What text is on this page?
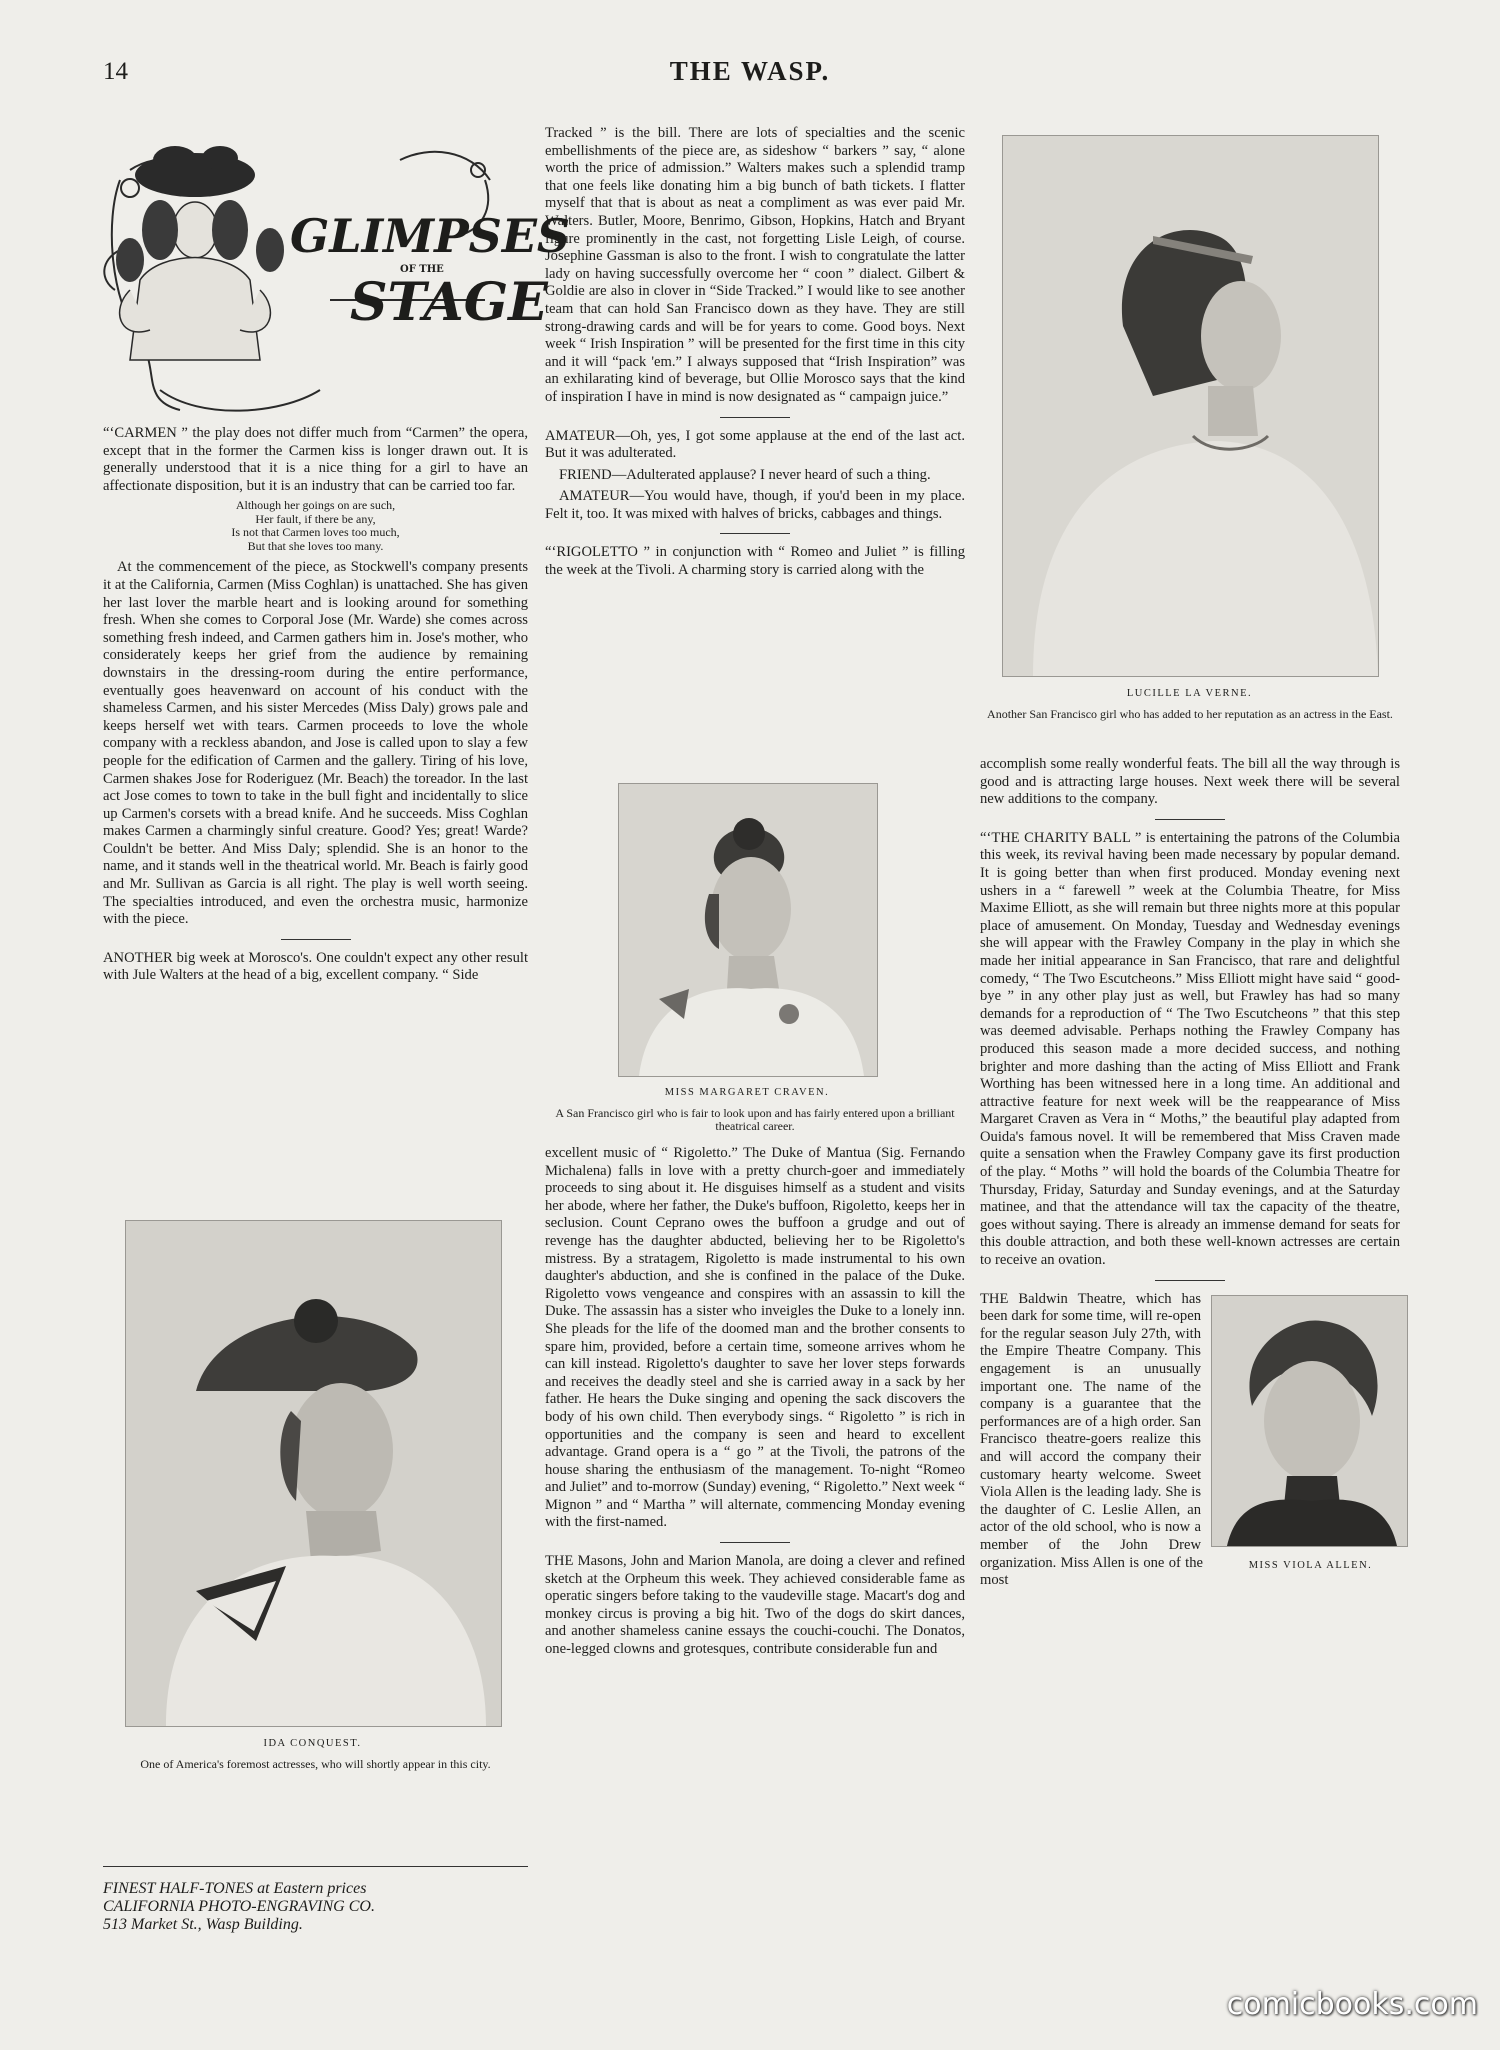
14	THE WASP.
GLIMPSES
OF THE
STAGE

“‘CARMEN ” the play does not differ much from “Carmen” the opera, except that in the former the Carmen kiss is longer drawn out. It is generally understood that it is a nice thing for a girl to have an affectionate disposition, but it is an industry that can be carried too far.

Although her goings on are such,
Her fault, if there be any,
Is not that Carmen loves too much,
But that she loves too many.

At the commencement of the piece, as Stockwell's company presents it at the California, Carmen (Miss Coghlan) is unattached. She has given her last lover the marble heart and is looking around for something fresh. When she comes to Corporal Jose (Mr. Warde) she comes across something fresh indeed, and Carmen gathers him in. Jose's mother, who considerately keeps her grief from the audience by remaining downstairs in the dressing-room during the entire performance, eventually goes heavenward on account of his conduct with the shameless Carmen, and his sister Mercedes (Miss Daly) grows pale and keeps herself wet with tears. Carmen proceeds to love the whole company with a reckless abandon, and Jose is called upon to slay a few people for the edification of Carmen and the gallery. Tiring of his love, Carmen shakes Jose for Roderiguez (Mr. Beach) the toreador. In the last act Jose comes to town to take in the bull fight and incidentally to slice up Carmen's corsets with a bread knife. And he succeeds. Miss Coghlan makes Carmen a charmingly sinful creature. Good? Yes; great! Warde? Couldn't be better. And Miss Daly; splendid. She is an honor to the name, and it stands well in the theatrical world. Mr. Beach is fairly good and Mr. Sullivan as Garcia is all right. The play is well worth seeing. The specialties introduced, and even the orchestra music, harmonize with the piece.

ANOTHER big week at Morosco's. One couldn't expect any other result with Jule Walters at the head of a big, excellent company. “ Side

IDA CONQUEST.
One of America's foremost actresses, who will shortly appear in this city.
FINEST HALF-TONES at Eastern prices
CALIFORNIA PHOTO-ENGRAVING CO.
513 Market St., Wasp Building.

Tracked ” is the bill. There are lots of specialties and the scenic embellishments of the piece are, as sideshow “ barkers ” say, “ alone worth the price of admission.” Walters makes such a splendid tramp that one feels like donating him a big bunch of bath tickets. I flatter myself that that is about as neat a compliment as was ever paid Mr. Walters. Butler, Moore, Benrimo, Gibson, Hopkins, Hatch and Bryant figure prominently in the cast, not forgetting Lisle Leigh, of course. Josephine Gassman is also to the front. I wish to congratulate the latter lady on having successfully overcome her “ coon ” dialect. Gilbert & Goldie are also in clover in “Side Tracked.” I would like to see another team that can hold San Francisco down as they have. They are still strong-drawing cards and will be for years to come. Good boys. Next week “ Irish Inspiration ” will be presented for the first time in this city and it will “pack 'em.” I always supposed that “Irish Inspiration” was an exhilarating kind of beverage, but Ollie Morosco says that the kind of inspiration I have in mind is now designated as “ campaign juice.”

AMATEUR—Oh, yes, I got some applause at the end of the last act. But it was adulterated.

FRIEND—Adulterated applause? I never heard of such a thing.

AMATEUR—You would have, though, if you'd been in my place. Felt it, too. It was mixed with halves of bricks, cabbages and things.

“‘RIGOLETTO ” in conjunction with “ Romeo and Juliet ” is filling the week at the Tivoli. A charming story is carried along with the

MISS MARGARET CRAVEN.
A San Francisco girl who is fair to look upon and has fairly entered upon a brilliant theatrical career.

excellent music of “ Rigoletto.” The Duke of Mantua (Sig. Fernando Michalena) falls in love with a pretty church-goer and immediately proceeds to sing about it. He disguises himself as a student and visits her abode, where her father, the Duke's buffoon, Rigoletto, keeps her in seclusion. Count Ceprano owes the buffoon a grudge and out of revenge has the daughter abducted, believing her to be Rigoletto's mistress. By a stratagem, Rigoletto is made instrumental to his own daughter's abduction, and she is confined in the palace of the Duke. Rigoletto vows vengeance and conspires with an assassin to kill the Duke. The assassin has a sister who inveigles the Duke to a lonely inn. She pleads for the life of the doomed man and the brother consents to spare him, provided, before a certain time, someone arrives whom he can kill instead. Rigoletto's daughter to save her lover steps forwards and receives the deadly steel and she is carried away in a sack by her father. He hears the Duke singing and opening the sack discovers the body of his own child. Then everybody sings. “ Rigoletto ” is rich in opportunities and the company is seen and heard to excellent advantage. Grand opera is a “ go ” at the Tivoli, the patrons of the house sharing the enthusiasm of the management. To-night “Romeo and Juliet” and to-morrow (Sunday) evening, “ Rigoletto.” Next week “ Mignon ” and “ Martha ” will alternate, commencing Monday evening with the first-named.

THE Masons, John and Marion Manola, are doing a clever and refined sketch at the Orpheum this week. They achieved considerable fame as operatic singers before taking to the vaudeville stage. Macart's dog and monkey circus is proving a big hit. Two of the dogs do skirt dances, and another shameless canine essays the couchi-couchi. The Donatos, one-legged clowns and grotesques, contribute considerable fun and

LUCILLE LA VERNE.
Another San Francisco girl who has added to her reputation as an actress in the East.

accomplish some really wonderful feats. The bill all the way through is good and is attracting large houses. Next week there will be several new additions to the company.

“‘THE CHARITY BALL ” is entertaining the patrons of the Columbia this week, its revival having been made necessary by popular demand. It is going better than when first produced. Monday evening next ushers in a “ farewell ” week at the Columbia Theatre, for Miss Maxime Elliott, as she will remain but three nights more at this popular place of amusement. On Monday, Tuesday and Wednesday evenings she will appear with the Frawley Company in the play in which she made her initial appearance in San Francisco, that rare and delightful comedy, “ The Two Escutcheons.” Miss Elliott might have said “ good-bye ” in any other play just as well, but Frawley has had so many demands for a reproduction of “ The Two Escutcheons ” that this step was deemed advisable. Perhaps nothing the Frawley Company has produced this season made a more decided success, and nothing brighter and more dashing than the acting of Miss Elliott and Frank Worthing has been witnessed here in a long time. An additional and attractive feature for next week will be the reappearance of Miss Margaret Craven as Vera in “ Moths,” the beautiful play adapted from Ouida's famous novel. It will be remembered that Miss Craven made quite a sensation when the Frawley Company gave its first production of the play. “ Moths ” will hold the boards of the Columbia Theatre for Thursday, Friday, Saturday and Sunday evenings, and at the Saturday matinee, and that the attendance will tax the capacity of the theatre, goes without saying. There is already an immense demand for seats for this double attraction, and both these well-known actresses are certain to receive an ovation.

MISS VIOLA ALLEN.

THE Baldwin Theatre, which has been dark for some time, will re-open for the regular season July 27th, with the Empire Theatre Company. This engagement is an unusually important one. The name of the company is a guarantee that the performances are of a high order. San Francisco theatre-goers realize this and will accord the company their customary hearty welcome. Sweet Viola Allen is the leading lady. She is the daughter of C. Leslie Allen, an actor of the old school, who is now a member of the John Drew organization. Miss Allen is one of the most

comicbooks.com
